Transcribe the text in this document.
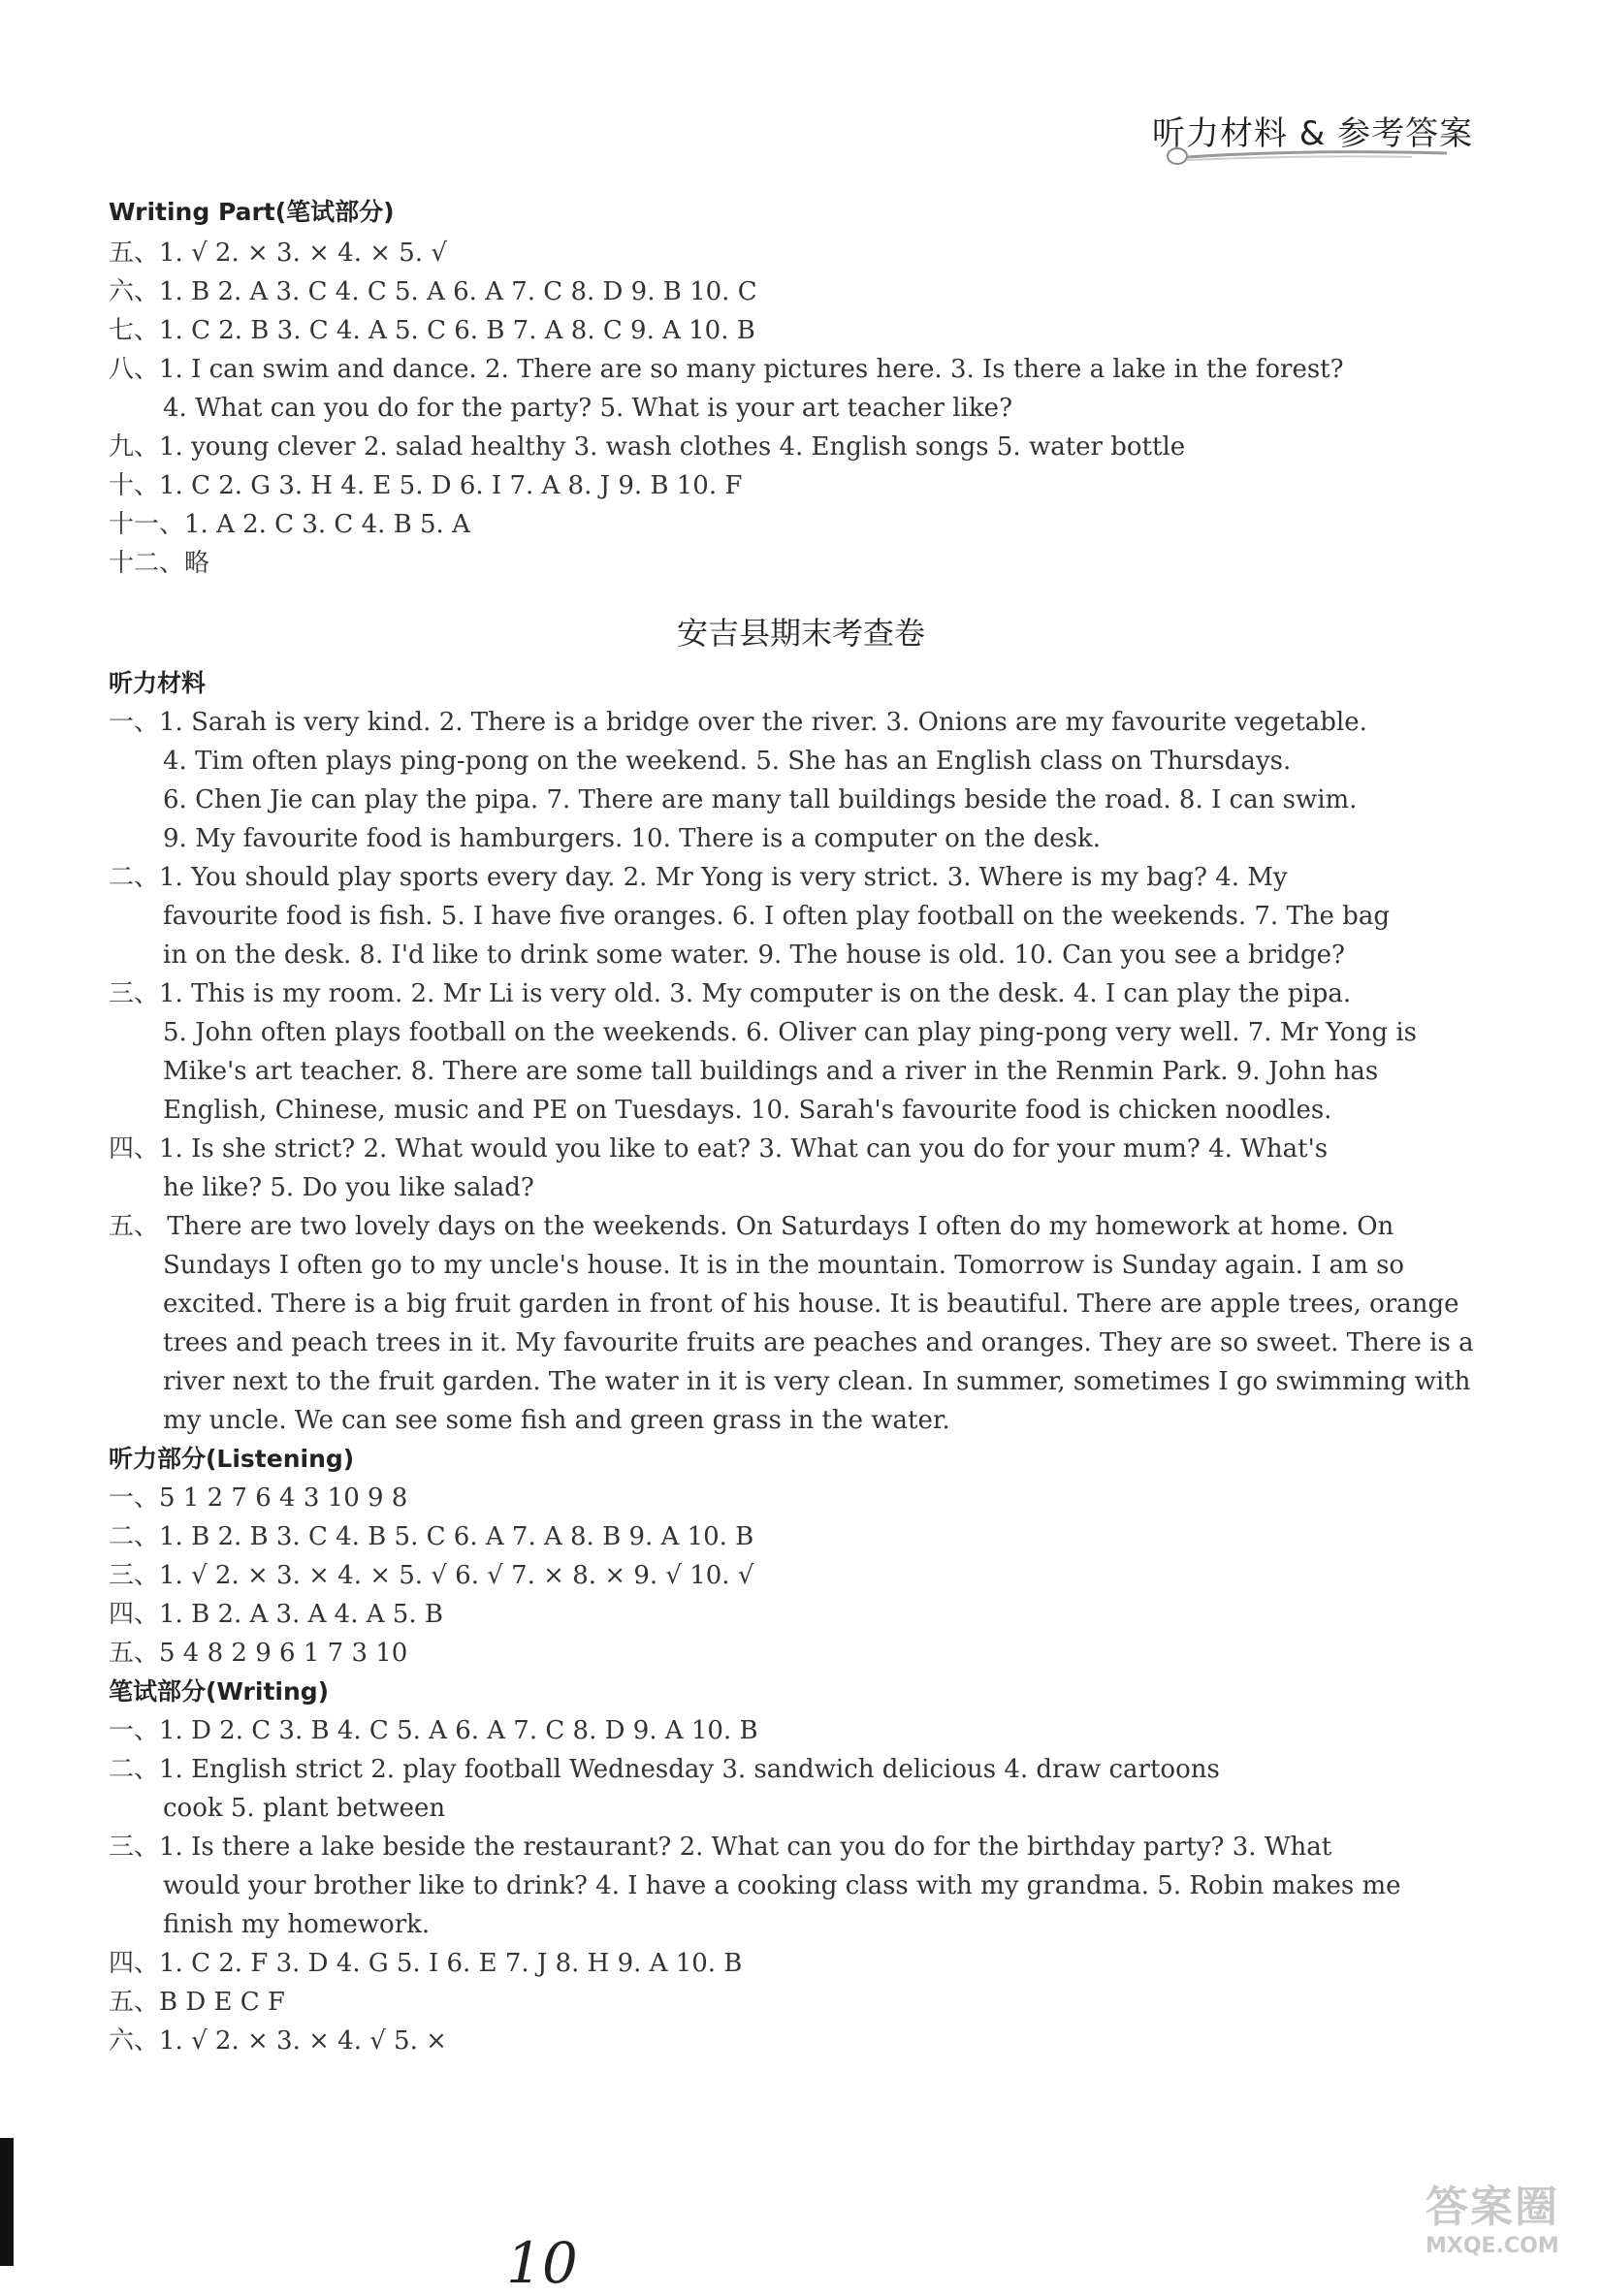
听力材料 & 参考答案
Writing Part(笔试部分)
五、1. √ 2. × 3. × 4. × 5. √
六、1. B 2. A 3. C 4. C 5. A 6. A 7. C 8. D 9. B 10. C
七、1. C 2. B 3. C 4. A 5. C 6. B 7. A 8. C 9. A 10. B
八、1. I can swim and dance. 2. There are so many pictures here. 3. Is there a lake in the forest?
4. What can you do for the party? 5. What is your art teacher like?
九、1. young clever 2. salad healthy 3. wash clothes 4. English songs 5. water bottle
十、1. C 2. G 3. H 4. E 5. D 6. I 7. A 8. J 9. B 10. F
十一、1. A 2. C 3. C 4. B 5. A
十二、略
安吉县期末考查卷
听力材料
一、1. Sarah is very kind. 2. There is a bridge over the river. 3. Onions are my favourite vegetable.
4. Tim often plays ping-pong on the weekend. 5. She has an English class on Thursdays.
6. Chen Jie can play the pipa. 7. There are many tall buildings beside the road. 8. I can swim.
9. My favourite food is hamburgers. 10. There is a computer on the desk.
二、1. You should play sports every day. 2. Mr Yong is very strict. 3. Where is my bag? 4. My
favourite food is fish. 5. I have five oranges. 6. I often play football on the weekends. 7. The bag
in on the desk. 8. I'd like to drink some water. 9. The house is old. 10. Can you see a bridge?
三、1. This is my room. 2. Mr Li is very old. 3. My computer is on the desk. 4. I can play the pipa.
5. John often plays football on the weekends. 6. Oliver can play ping-pong very well. 7. Mr Yong is
Mike's art teacher. 8. There are some tall buildings and a river in the Renmin Park. 9. John has
English, Chinese, music and PE on Tuesdays. 10. Sarah's favourite food is chicken noodles.
四、1. Is she strict? 2. What would you like to eat? 3. What can you do for your mum? 4. What's
he like? 5. Do you like salad?
五、 There are two lovely days on the weekends. On Saturdays I often do my homework at home. On
Sundays I often go to my uncle's house. It is in the mountain. Tomorrow is Sunday again. I am so
excited. There is a big fruit garden in front of his house. It is beautiful. There are apple trees, orange
trees and peach trees in it. My favourite fruits are peaches and oranges. They are so sweet. There is a
river next to the fruit garden. The water in it is very clean. In summer, sometimes I go swimming with
my uncle. We can see some fish and green grass in the water.
听力部分(Listening)
一、5 1 2 7 6 4 3 10 9 8
二、1. B 2. B 3. C 4. B 5. C 6. A 7. A 8. B 9. A 10. B
三、1. √ 2. × 3. × 4. × 5. √ 6. √ 7. × 8. × 9. √ 10. √
四、1. B 2. A 3. A 4. A 5. B
五、5 4 8 2 9 6 1 7 3 10
笔试部分(Writing)
一、1. D 2. C 3. B 4. C 5. A 6. A 7. C 8. D 9. A 10. B
二、1. English strict 2. play football Wednesday 3. sandwich delicious 4. draw cartoons
cook 5. plant between
三、1. Is there a lake beside the restaurant? 2. What can you do for the birthday party? 3. What
would your brother like to drink? 4. I have a cooking class with my grandma. 5. Robin makes me
finish my homework.
四、1. C 2. F 3. D 4. G 5. I 6. E 7. J 8. H 9. A 10. B
五、B D E C F
六、1. √ 2. × 3. × 4. √ 5. ×
10
答案圈
MXQE.COM
